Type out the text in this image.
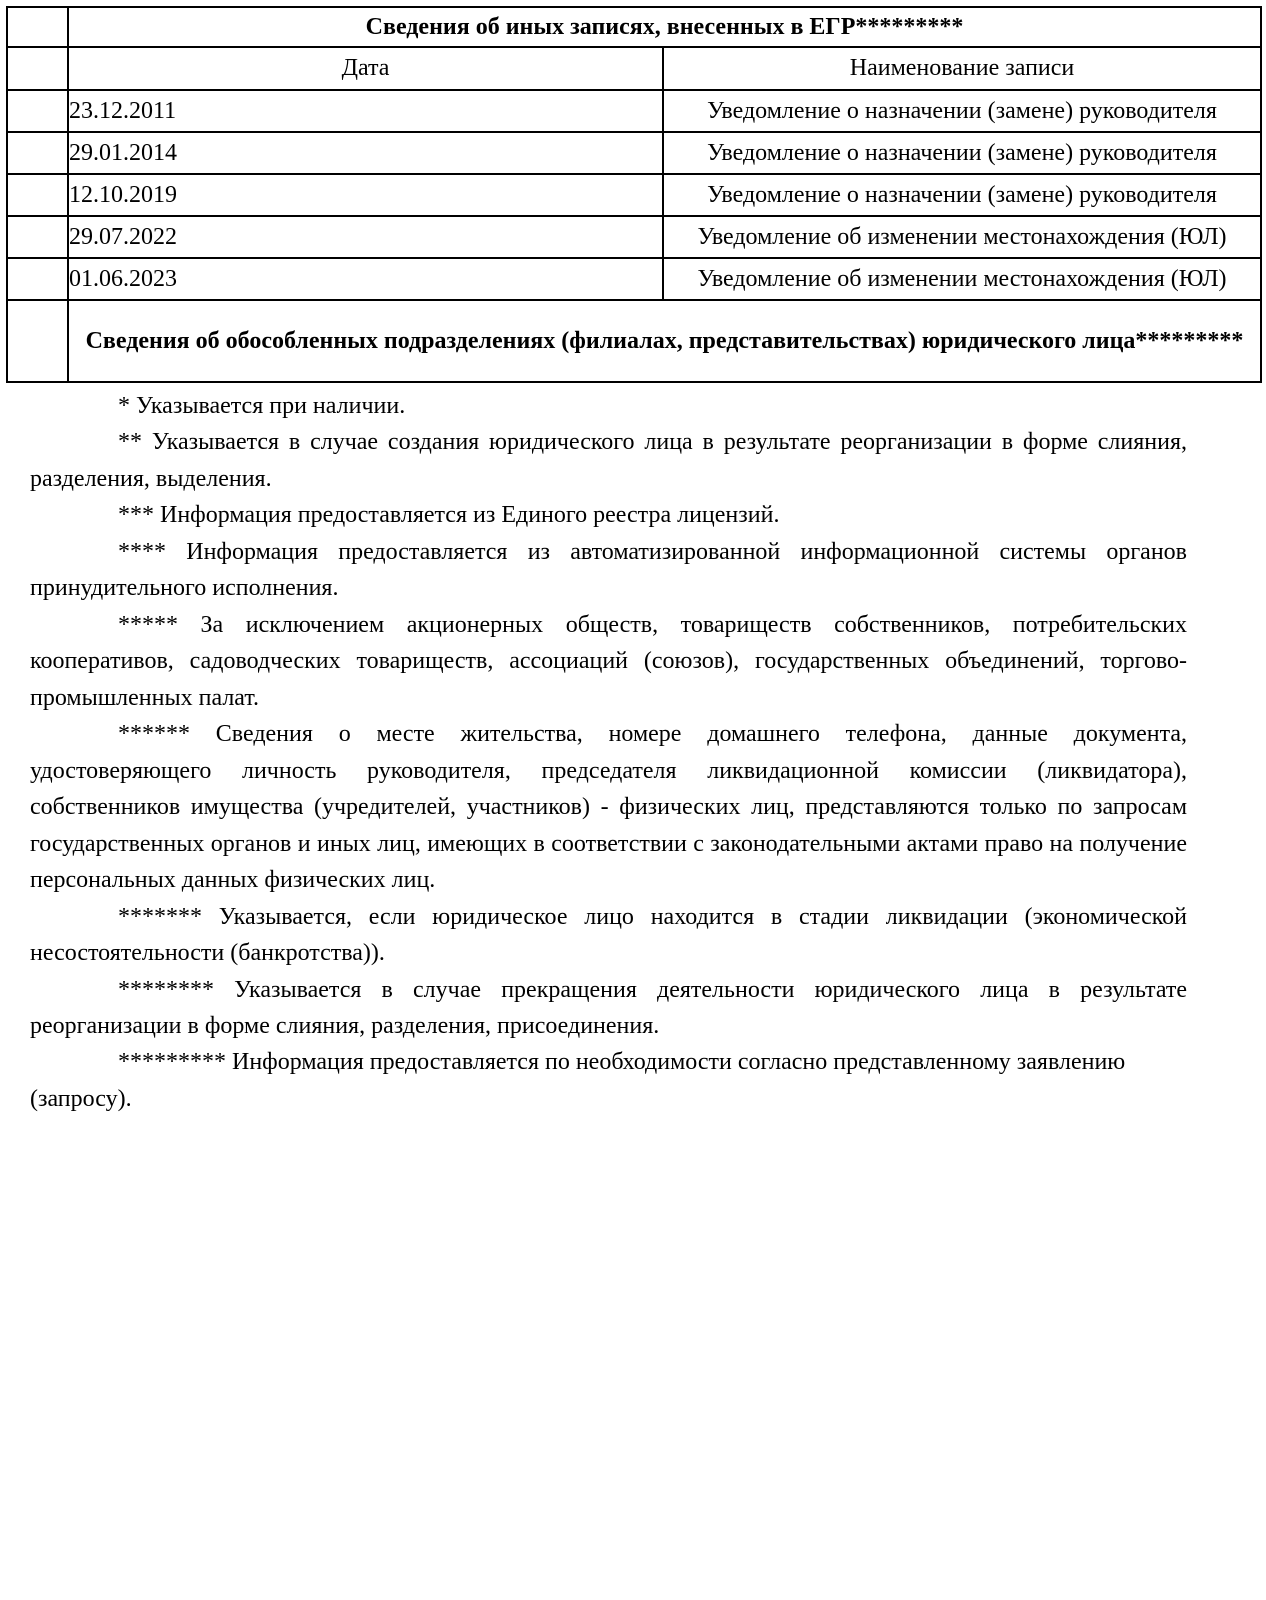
	Сведения об иных записях, внесенных в ЕГР*********	
	Дата	Наименование записи
	23.12.2011	Уведомление о назначении (замене) руководителя
	29.01.2014	Уведомление о назначении (замене) руководителя
	12.10.2019	Уведомление о назначении (замене) руководителя
	29.07.2022	Уведомление об изменении местонахождения (ЮЛ)
	01.06.2023	Уведомление об изменении местонахождения (ЮЛ)
	Сведения об обособленных подразделениях (филиалах, представительствах) юридического лица*********	

* Указывается при наличии.

** Указывается в случае создания юридического лица в результате реорганизации в форме слияния, разделения, выделения.

*** Информация предоставляется из Единого реестра лицензий.

**** Информация предоставляется из автоматизированной информационной системы органов принудительного исполнения.

***** За исключением акционерных обществ, товариществ собственников, потребительских кооперативов, садоводческих товариществ, ассоциаций (союзов), государственных объединений, торгово-промышленных палат.

****** Сведения о месте жительства, номере домашнего телефона, данные документа, удостоверяющего личность руководителя, председателя ликвидационной комиссии (ликвидатора), собственников имущества (учредителей, участников) - физических лиц, представляются только по запросам государственных органов и иных лиц, имеющих в соответствии с законодательными актами право на получение персональных данных физических лиц.

******* Указывается, если юридическое лицо находится в стадии ликвидации (экономической несостоятельности (банкротства)).

******** Указывается в случае прекращения деятельности юридического лица в результате реорганизации в форме слияния, разделения, присоединения.

********* Информация предоставляется по необходимости согласно представленному заявлению (запросу).
